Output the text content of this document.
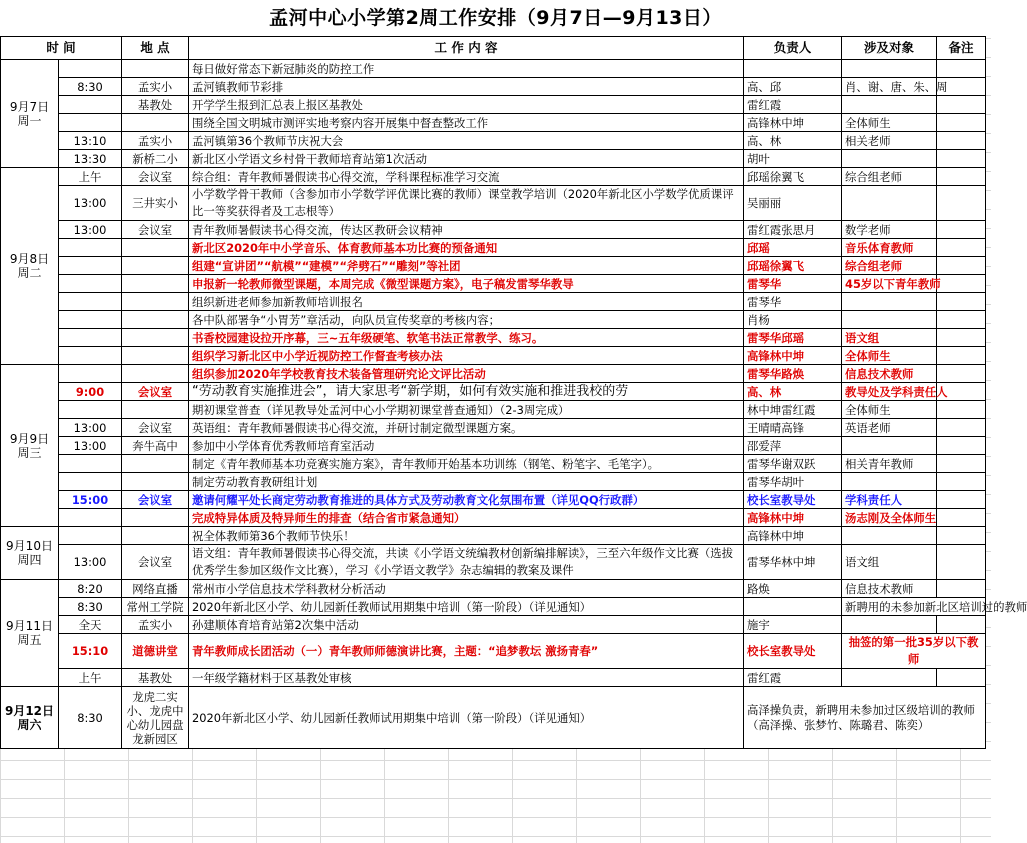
孟河中心小学第2周工作安排（9月7日—9月13日）
时 间		地 点	工 作 内 容	负责人	涉及对象	备注
9月7日
周一			每日做好常态下新冠肺炎的防控工作			
	8:30	孟实小	孟河镇教师节彩排	高、邱	肖、谢、唐、朱、周	
		基教处	开学学生报到汇总表上报区基教处	雷红霞		
			围绕全国文明城市测评实地考察内容开展集中督查整改工作	高锋林中坤	全体师生	
	13:10	孟实小	孟河镇第36个教师节庆祝大会	高、林	相关老师	
	13:30	新桥二小	新北区小学语文乡村骨干教师培育站第1次活动	胡叶		
9月8日
周二	上午	会议室	综合组：青年教师暑假读书心得交流，学科课程标准学习交流	邱瑶徐翼飞	综合组老师	
	13:00	三井实小	小学数学骨干教师（含参加市小学数学评优课比赛的教师）课堂教学培训（2020年新北区小学数学优质课评比一等奖获得者及工志根等）	吴丽丽		
	13:00	会议室	青年教师暑假读书心得交流，传达区教研会议精神	雷红霞张思月	数学老师	
			新北区2020年中小学音乐、体育教师基本功比赛的预备通知	邱瑶	音乐体育教师	
			组建“宣讲团”“航模”“建模”“斧劈石”“雕刻”等社团	邱瑶徐翼飞	综合组老师	
			申报新一轮教师微型课题，本周完成《微型课题方案》，电子稿发雷琴华教导	雷琴华	45岁以下青年教师	
			组织新进老师参加新教师培训报名	雷琴华		
			各中队部署争“小胃芳”章活动，向队员宣传奖章的考核内容；	肖杨		
			书香校园建设拉开序幕，三~五年级硬笔、软笔书法正常教学、练习。	雷琴华邱瑶	语文组	
			组织学习新北区中小学近视防控工作督查考核办法	高锋林中坤	全体师生	
9月9日
周三			组织参加2020年学校教育技术装备管理研究论文评比活动	雷琴华路焕	信息技术教师	
	9:00	会议室	“劳动教育实施推进会”，请大家思考“新学期，如何有效实施和推进我校的劳	高、林	教导处及学科责任人	
			期初课堂普查（详见教导处孟河中心小学期初课堂普查通知）（2-3周完成）	林中坤雷红霞	全体师生	
	13:00	会议室	英语组：青年教师暑假读书心得交流，并研讨制定微型课题方案。	王晴晴高锋	英语老师	
	13:00	奔牛高中	参加中小学体育优秀教师培育室活动	邵爱萍		
			制定《青年教师基本功竞赛实施方案》，青年教师开始基本功训练（钢笔、粉笔字、毛笔字）。	雷琴华谢双跃	相关青年教师	
			制定劳动教育教研组计划	雷琴华胡叶		
	15:00	会议室	邀请何耀平处长商定劳动教育推进的具体方式及劳动教育文化氛围布置（详见QQ行政群）	校长室教导处	学科责任人	
			完成特异体质及特异师生的排查（结合省市紧急通知）	高锋林中坤	汤志刚及全体师生	
9月10日
周四			祝全体教师第36个教师节快乐！	高锋林中坤		
	13:00	会议室	语文组：青年教师暑假读书心得交流，共读《小学语文统编教材创新编排解读》，三至六年级作文比赛（选拔优秀学生参加区级作文比赛），学习《小学语文教学》杂志编辑的教案及课件	雷琴华林中坤	语文组	
9月11日
周五	8:20	网络直播	常州市小学信息技术学科教材分析活动	路焕	信息技术教师	
	8:30	常州工学院	2020年新北区小学、幼儿园新任教师试用期集中培训（第一阶段）（详见通知）		新聘用的未参加新北区培训过的教师	
	全天	孟实小	孙建顺体育培育站第2次集中活动	施宇		
	15:10	道德讲堂	青年教师成长团活动（一）青年教师师德演讲比赛，主题：“追梦教坛 激扬青春”	校长室教导处	抽签的第一批35岁以下教师	
	上午	基教处	一年级学籍材料于区基教处审核	雷红霞		
9月12日
周六	8:30	龙虎二实小、龙虎中心幼儿园盘龙新园区	2020年新北区小学、幼儿园新任教师试用期集中培训（第一阶段）（详见通知）	高泽操负责，新聘用未参加过区级培训的教师（高泽操、张梦竹、陈璐君、陈奕）		
